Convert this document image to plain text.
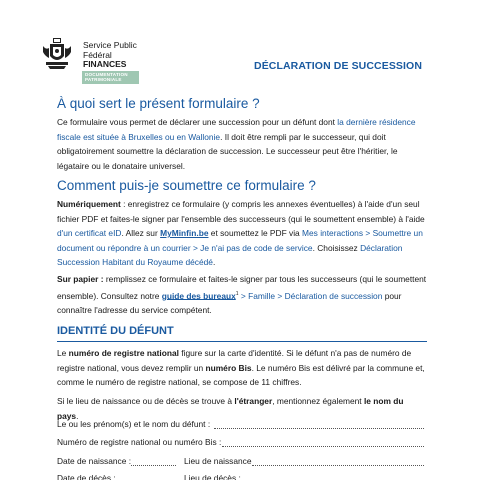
Service Public
Fédéral
FINANCES
DOCUMENTATION
PATRIMONIALE
DÉCLARATION DE SUCCESSION
À quoi sert le présent formulaire ?
Ce formulaire vous permet de déclarer une succession pour un défunt dont la dernière résidence fiscale est située à Bruxelles ou en Wallonie. Il doit être rempli par le successeur, qui doit obligatoirement soumettre la déclaration de succession. Le successeur peut être l'héritier, le légataire ou le donataire universel.
Comment puis-je soumettre ce formulaire ?
Numériquement : enregistrez ce formulaire (y compris les annexes éventuelles) à l'aide d'un seul fichier PDF et faites-le signer par l'ensemble des successeurs (qui le soumettent ensemble) à l'aide d'un certificat eID. Allez sur MyMinfin.be et soumettez le PDF via Mes interactions > Soumettre un document ou répondre à un courrier > Je n'ai pas de code de service. Choisissez Déclaration Succession Habitant du Royaume décédé.
Sur papier : remplissez ce formulaire et faites-le signer par tous les successeurs (qui le soumettent ensemble). Consultez notre guide des bureaux$^1$ > Famille > Déclaration de succession pour connaître l'adresse du service compétent.
IDENTITÉ DU DÉFUNT
Le numéro de registre national figure sur la carte d'identité. Si le défunt n'a pas de numéro de registre national, vous devez remplir un numéro Bis. Le numéro Bis est délivré par la commune et, comme le numéro de registre national, se compose de 11 chiffres.
Si le lieu de naissance ou de décès se trouve à l'étranger, mentionnez également le nom du pays.
Le ou les prénom(s) et le nom du défunt :
Numéro de registre national ou numéro Bis :
Date de naissance :	Lieu de naissance
Date de décès :	Lieu de décès :
